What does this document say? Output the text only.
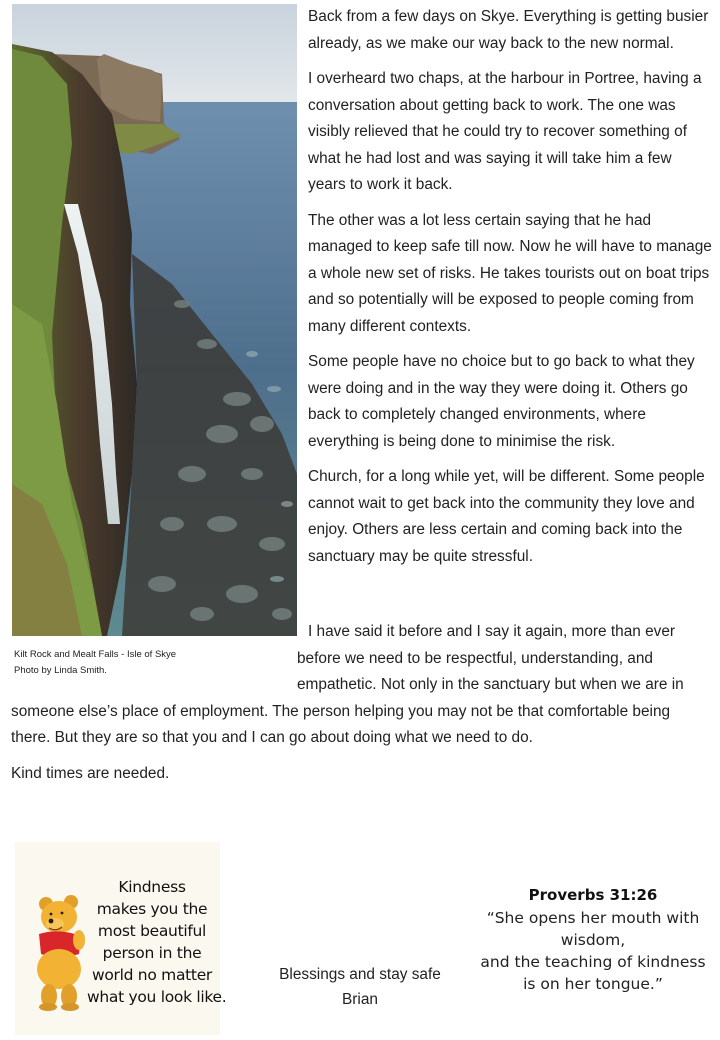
Kilt Rock and Mealt Falls - Isle of Skye
Photo by Linda Smith.

Back from a few days on Skye. Everything is getting busier already, as we make our way back to the new normal.

I overheard two chaps, at the harbour in Portree, having a conversation about getting back to work. The one was visibly relieved that he could try to recover something of what he had lost and was saying it will take him a few years to work it back.

The other was a lot less certain saying that he had managed to keep safe till now. Now he will have to manage a whole new set of risks. He takes tourists out on boat trips and so potentially will be exposed to people coming from many different contexts.

Some people have no choice but to go back to what they were doing and in the way they were doing it. Others go back to completely changed environments, where everything is being done to minimise the risk.

Church, for a long while yet, will be different. Some people cannot wait to get back into the community they love and enjoy. Others are less certain and coming back into the sanctuary may be quite stressful.

I have said it before and I say it again, more than ever
before we need to be respectful, understanding, and
empathetic. Not only in the sanctuary but when we are in
someone else’s place of employment. The person helping you may not be that comfortable being there. But they are so that you and I can go about doing what we need to do.

Kind times are needed.

Kindness
makes you the
most beautiful
person in the
world no matter
what you look like.
Blessings and stay safe
Brian
Proverbs 31:26
“She opens her mouth with
wisdom,
and the teaching of kindness
is on her tongue.”
